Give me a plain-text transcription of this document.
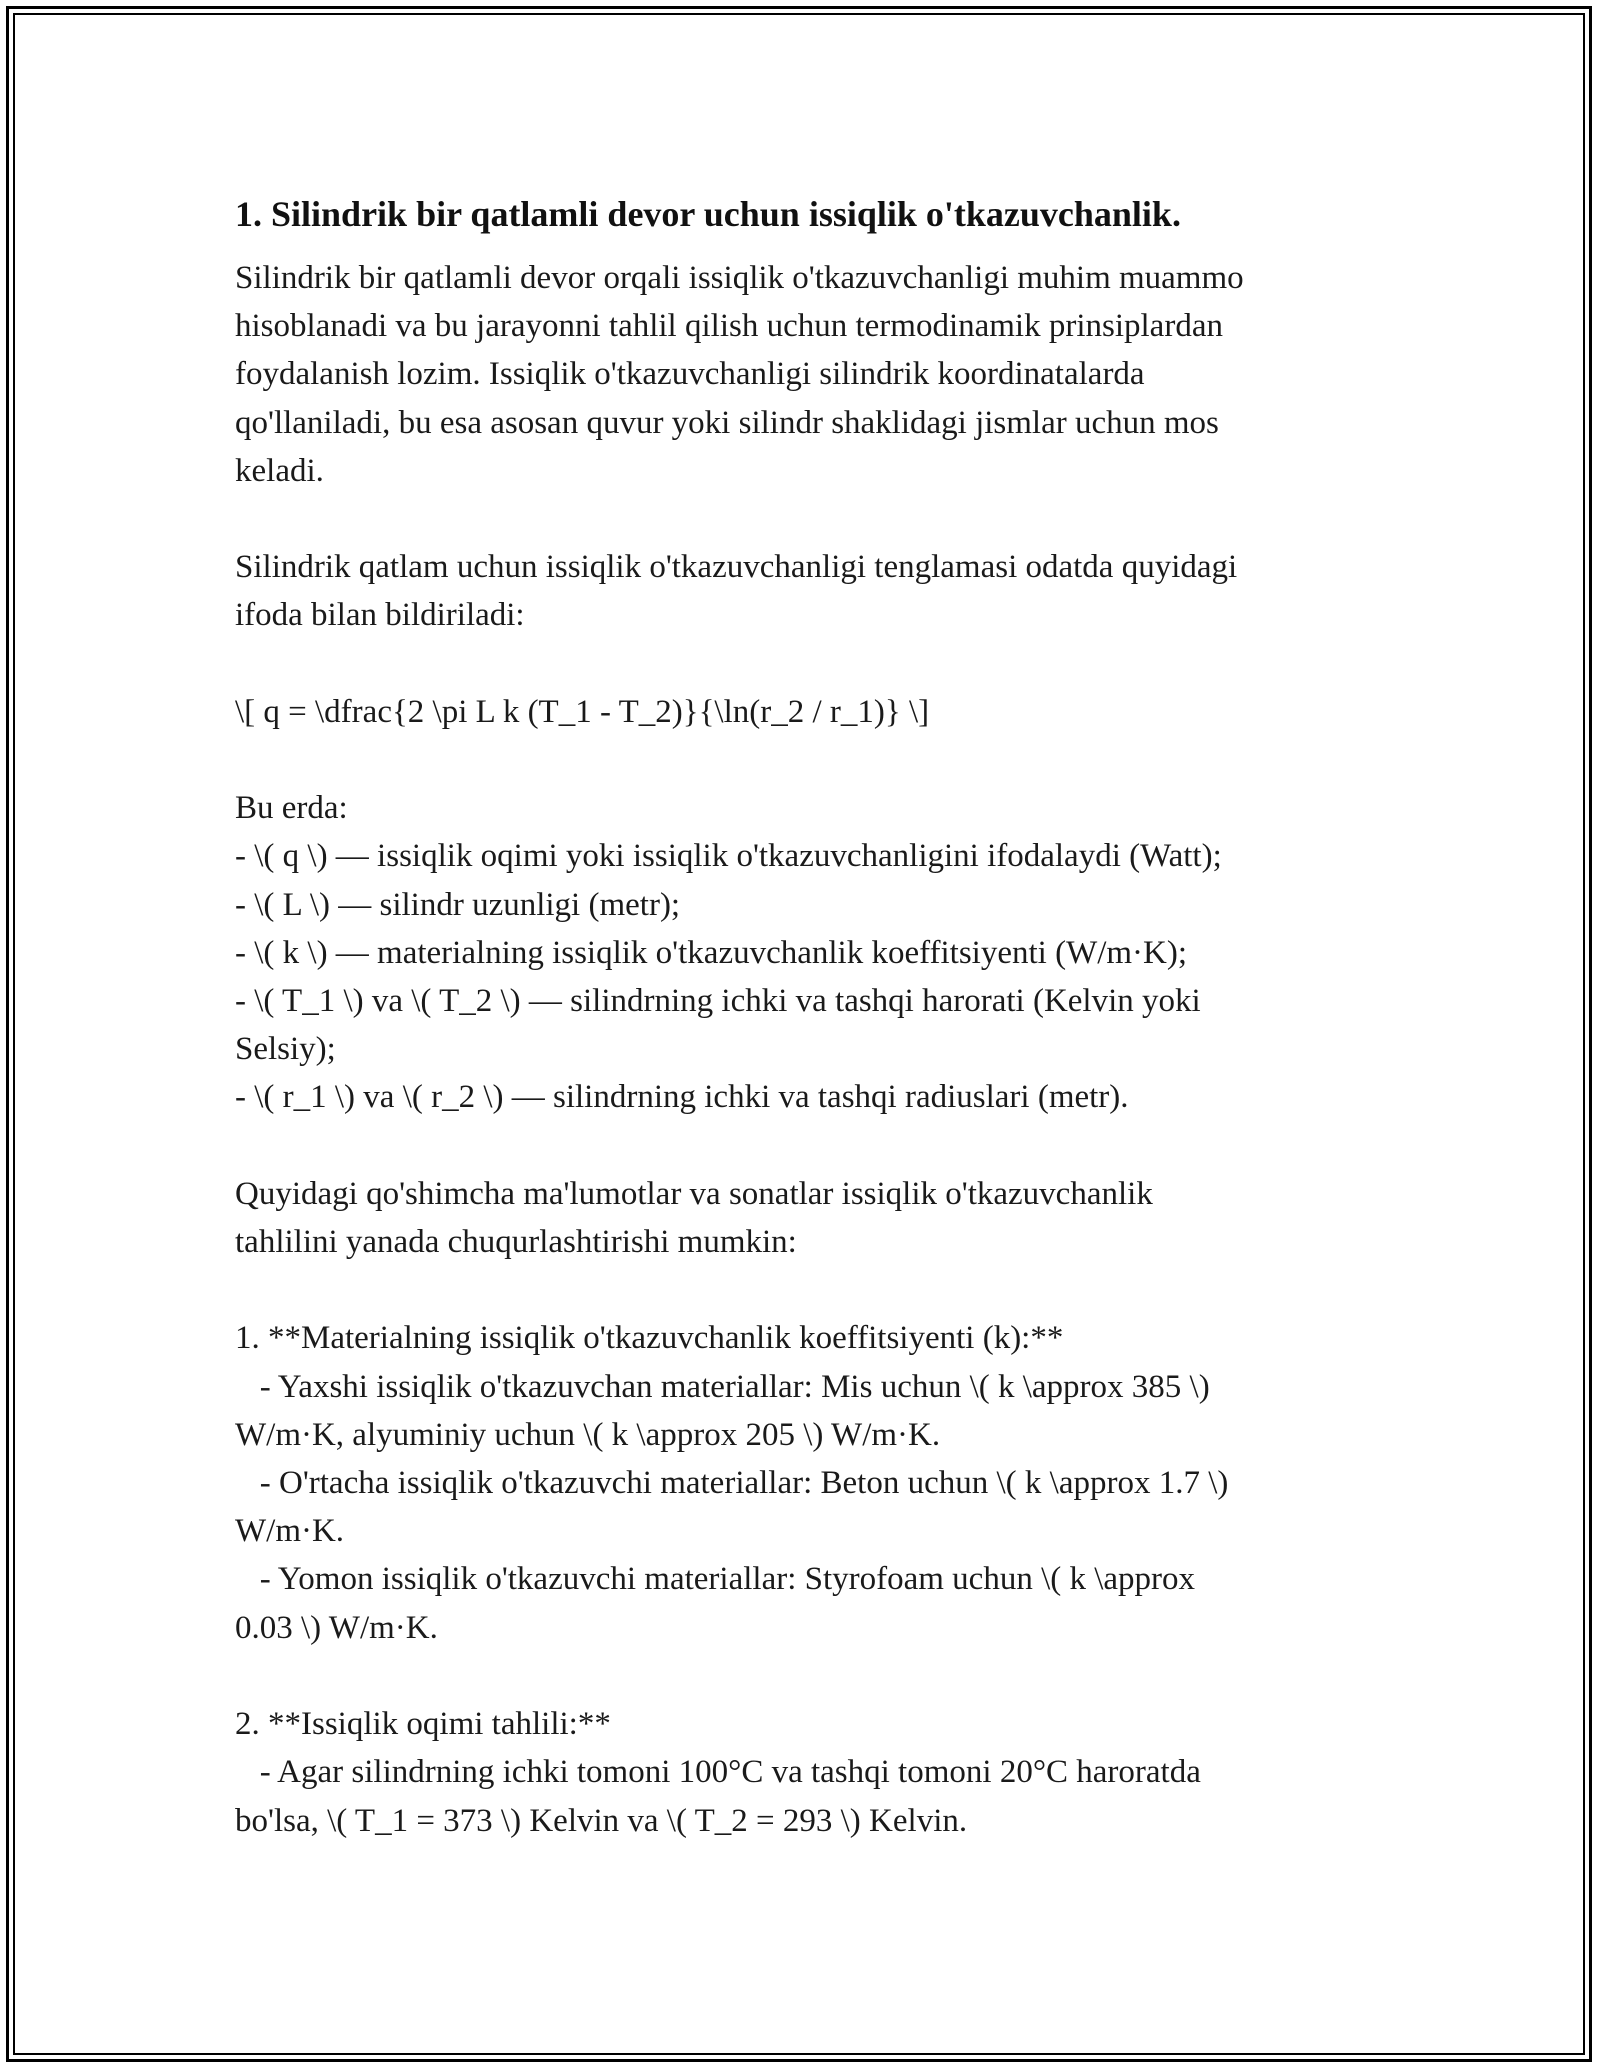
1. Silindrik bir qatlamli devor uchun issiqlik o'tkazuvchanlik.

Silindrik bir qatlamli devor orqali issiqlik o'tkazuvchanligi muhim muammo
hisoblanadi va bu jarayonni tahlil qilish uchun termodinamik prinsiplardan
foydalanish lozim. Issiqlik o'tkazuvchanligi silindrik koordinatalarda
qo'llaniladi, bu esa asosan quvur yoki silindr shaklidagi jismlar uchun mos
keladi.

Silindrik qatlam uchun issiqlik o'tkazuvchanligi tenglamasi odatda quyidagi
ifoda bilan bildiriladi:

\[ q = \dfrac{2 \pi L k (T_1 - T_2)}{\ln(r_2 / r_1)} \]

Bu erda:
- \( q \) — issiqlik oqimi yoki issiqlik o'tkazuvchanligini ifodalaydi (Watt);
- \( L \) — silindr uzunligi (metr);
- \( k \) — materialning issiqlik o'tkazuvchanlik koeffitsiyenti (W/m·K);
- \( T_1 \) va \( T_2 \) — silindrning ichki va tashqi harorati (Kelvin yoki
Selsiy);
- \( r_1 \) va \( r_2 \) — silindrning ichki va tashqi radiuslari (metr).

Quyidagi qo'shimcha ma'lumotlar va sonatlar issiqlik o'tkazuvchanlik
tahlilini yanada chuqurlashtirishi mumkin:

1. **Materialning issiqlik o'tkazuvchanlik koeffitsiyenti (k):**
- Yaxshi issiqlik o'tkazuvchan materiallar: Mis uchun \( k \approx 385 \)
W/m·K, alyuminiy uchun \( k \approx 205 \) W/m·K.
- O'rtacha issiqlik o'tkazuvchi materiallar: Beton uchun \( k \approx 1.7 \)
W/m·K.
- Yomon issiqlik o'tkazuvchi materiallar: Styrofoam uchun \( k \approx
0.03 \) W/m·K.

2. **Issiqlik oqimi tahlili:**
- Agar silindrning ichki tomoni 100°C va tashqi tomoni 20°C haroratda
bo'lsa, \( T_1 = 373 \) Kelvin va \( T_2 = 293 \) Kelvin.
